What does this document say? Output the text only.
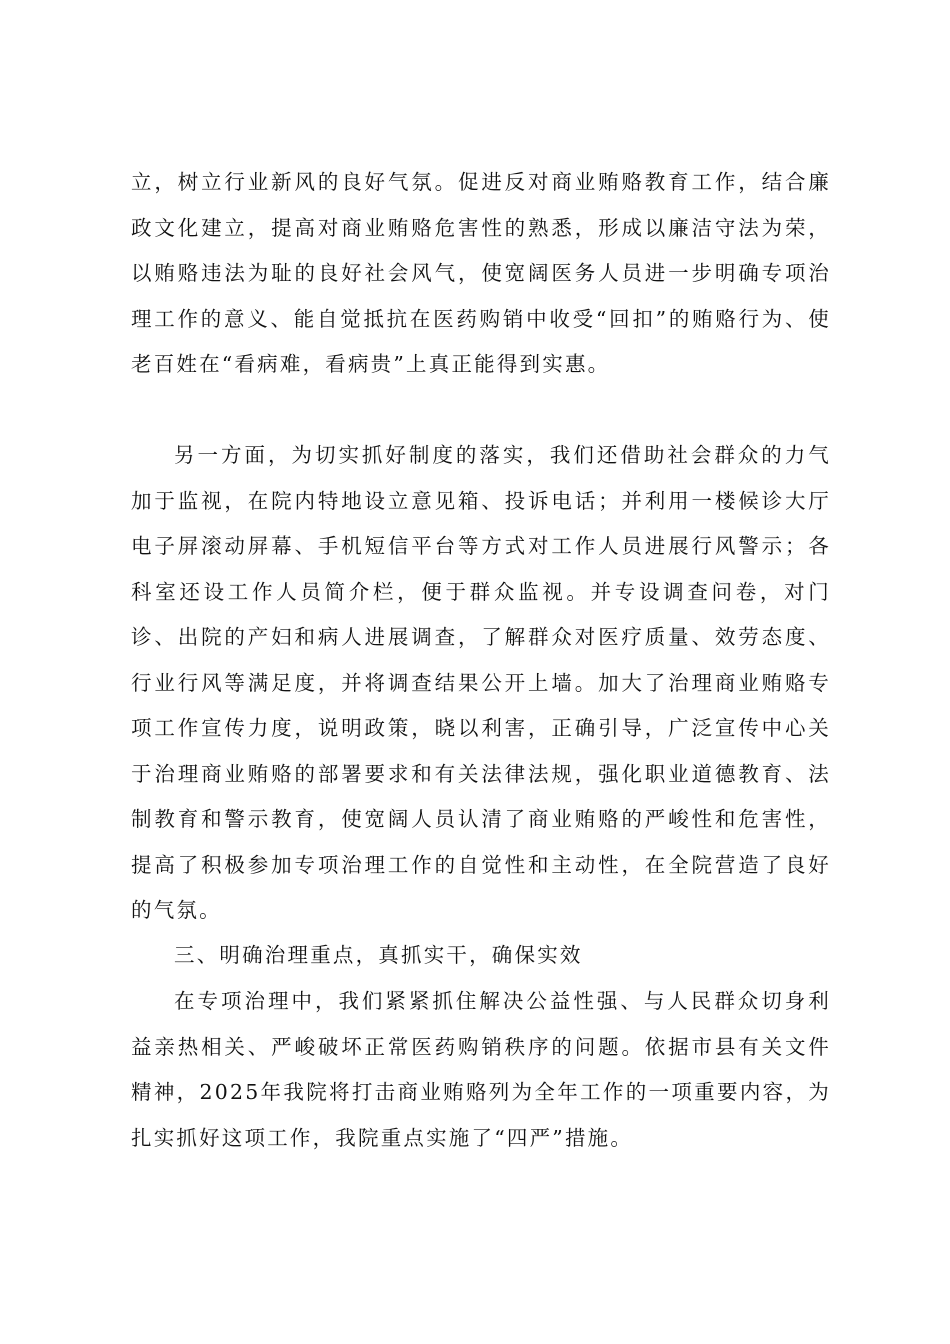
立，树立行业新风的良好气氛。促进反对商业贿赂教育工作，结合廉政文化建立，提高对商业贿赂危害性的熟悉，形成以廉洁守法为荣，以贿赂违法为耻的良好社会风气，使宽阔医务人员进一步明确专项治理工作的意义、能自觉抵抗在医药购销中收受“回扣”的贿赂行为、使老百姓在“看病难，看病贵”上真正能得到实惠。

另一方面，为切实抓好制度的落实，我们还借助社会群众的力气加于监视，在院内特地设立意见箱、投诉电话；并利用一楼候诊大厅电子屏滚动屏幕、手机短信平台等方式对工作人员进展行风警示；各科室还设工作人员简介栏，便于群众监视。并专设调查问卷，对门诊、出院的产妇和病人进展调查，了解群众对医疗质量、效劳态度、行业行风等满足度，并将调查结果公开上墙。加大了治理商业贿赂专项工作宣传力度，说明政策，晓以利害，正确引导，广泛宣传中心关于治理商业贿赂的部署要求和有关法律法规，强化职业道德教育、法制教育和警示教育，使宽阔人员认清了商业贿赂的严峻性和危害性，提高了积极参加专项治理工作的自觉性和主动性，在全院营造了良好的气氛。

三、明确治理重点，真抓实干，确保实效

在专项治理中，我们紧紧抓住解决公益性强、与人民群众切身利益亲热相关、严峻破坏正常医药购销秩序的问题。依据市县有关文件精神，2025年我院将打击商业贿赂列为全年工作的一项重要内容，为扎实抓好这项工作，我院重点实施了“四严”措施。
